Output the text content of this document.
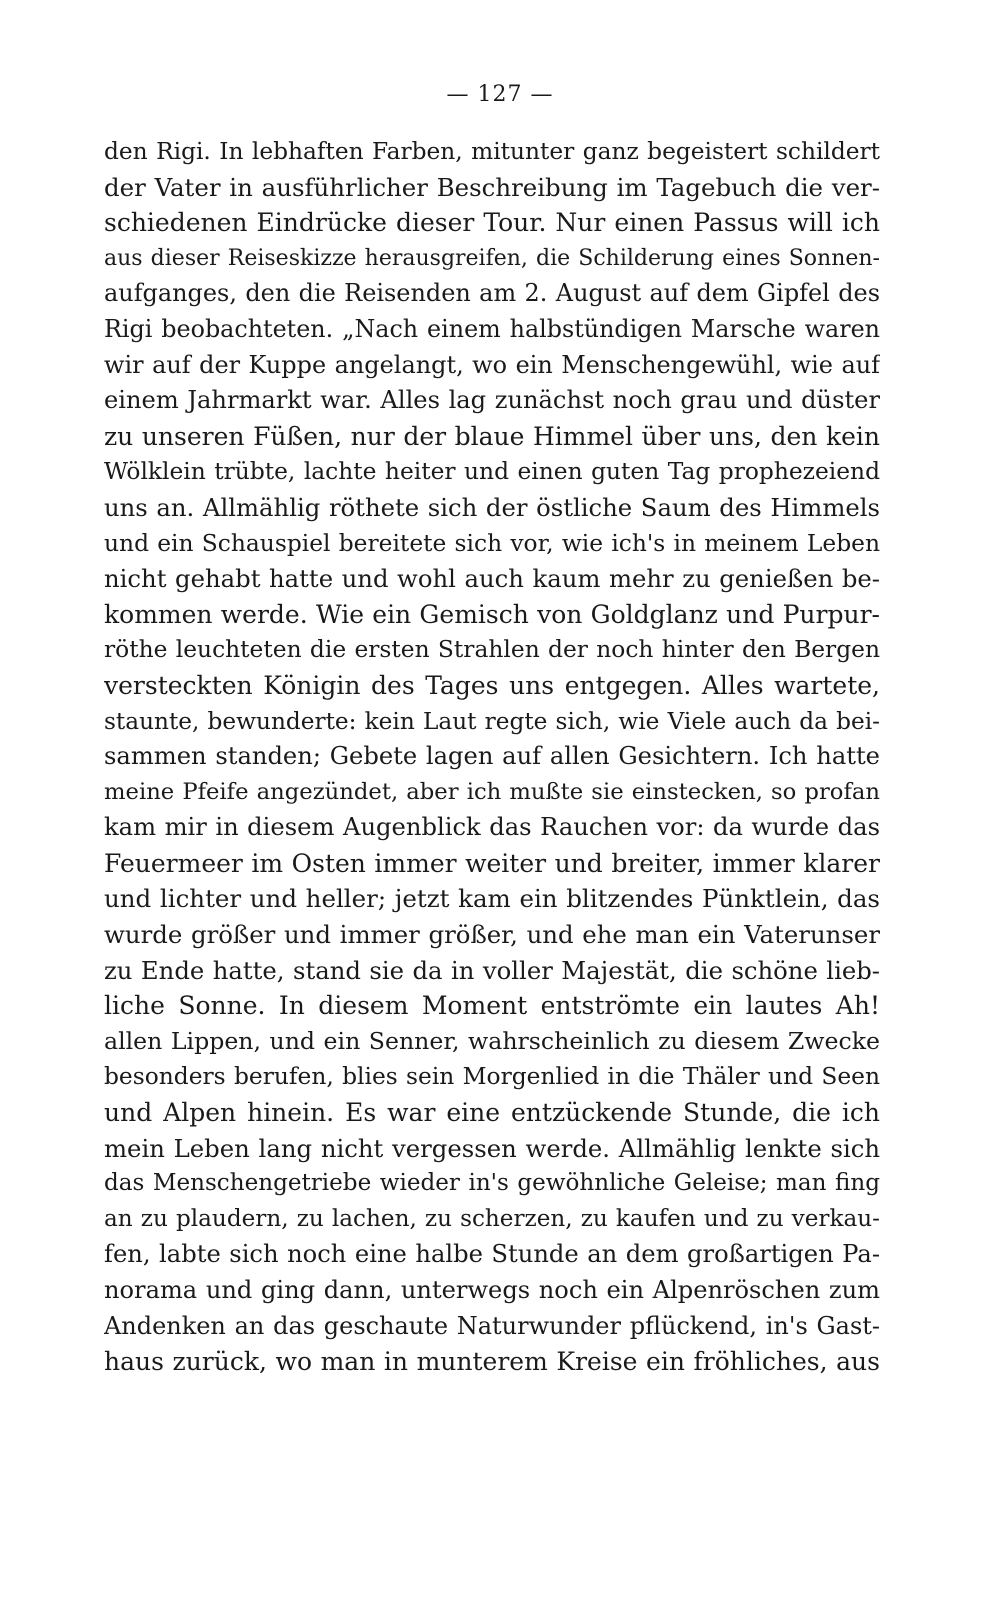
— 127 —
den Rigi. In lebhaften Farben, mitunter ganz begeistert schildert
der Vater in ausführlicher Beschreibung im Tagebuch die ver-
schiedenen Eindrücke dieser Tour. Nur einen Passus will ich
aus dieser Reiseskizze herausgreifen, die Schilderung eines Sonnen-
aufganges, den die Reisenden am 2. August auf dem Gipfel des
Rigi beobachteten. „Nach einem halbstündigen Marsche waren
wir auf der Kuppe angelangt, wo ein Menschengewühl, wie auf
einem Jahrmarkt war. Alles lag zunächst noch grau und düster
zu unseren Füßen, nur der blaue Himmel über uns, den kein
Wölklein trübte, lachte heiter und einen guten Tag prophezeiend
uns an. Allmählig röthete sich der östliche Saum des Himmels
und ein Schauspiel bereitete sich vor, wie ich's in meinem Leben
nicht gehabt hatte und wohl auch kaum mehr zu genießen be-
kommen werde. Wie ein Gemisch von Goldglanz und Purpur-
röthe leuchteten die ersten Strahlen der noch hinter den Bergen
versteckten Königin des Tages uns entgegen. Alles wartete,
staunte, bewunderte: kein Laut regte sich, wie Viele auch da bei-
sammen standen; Gebete lagen auf allen Gesichtern. Ich hatte
meine Pfeife angezündet, aber ich mußte sie einstecken, so profan
kam mir in diesem Augenblick das Rauchen vor: da wurde das
Feuermeer im Osten immer weiter und breiter, immer klarer
und lichter und heller; jetzt kam ein blitzendes Pünktlein, das
wurde größer und immer größer, und ehe man ein Vaterunser
zu Ende hatte, stand sie da in voller Majestät, die schöne lieb-
liche Sonne. In diesem Moment entströmte ein lautes Ah!
allen Lippen, und ein Senner, wahrscheinlich zu diesem Zwecke
besonders berufen, blies sein Morgenlied in die Thäler und Seen
und Alpen hinein. Es war eine entzückende Stunde, die ich
mein Leben lang nicht vergessen werde. Allmählig lenkte sich
das Menschengetriebe wieder in's gewöhnliche Geleise; man fing
an zu plaudern, zu lachen, zu scherzen, zu kaufen und zu verkau-
fen, labte sich noch eine halbe Stunde an dem großartigen Pa-
norama und ging dann, unterwegs noch ein Alpenröschen zum
Andenken an das geschaute Naturwunder pflückend, in's Gast-
haus zurück, wo man in munterem Kreise ein fröhliches, aus
